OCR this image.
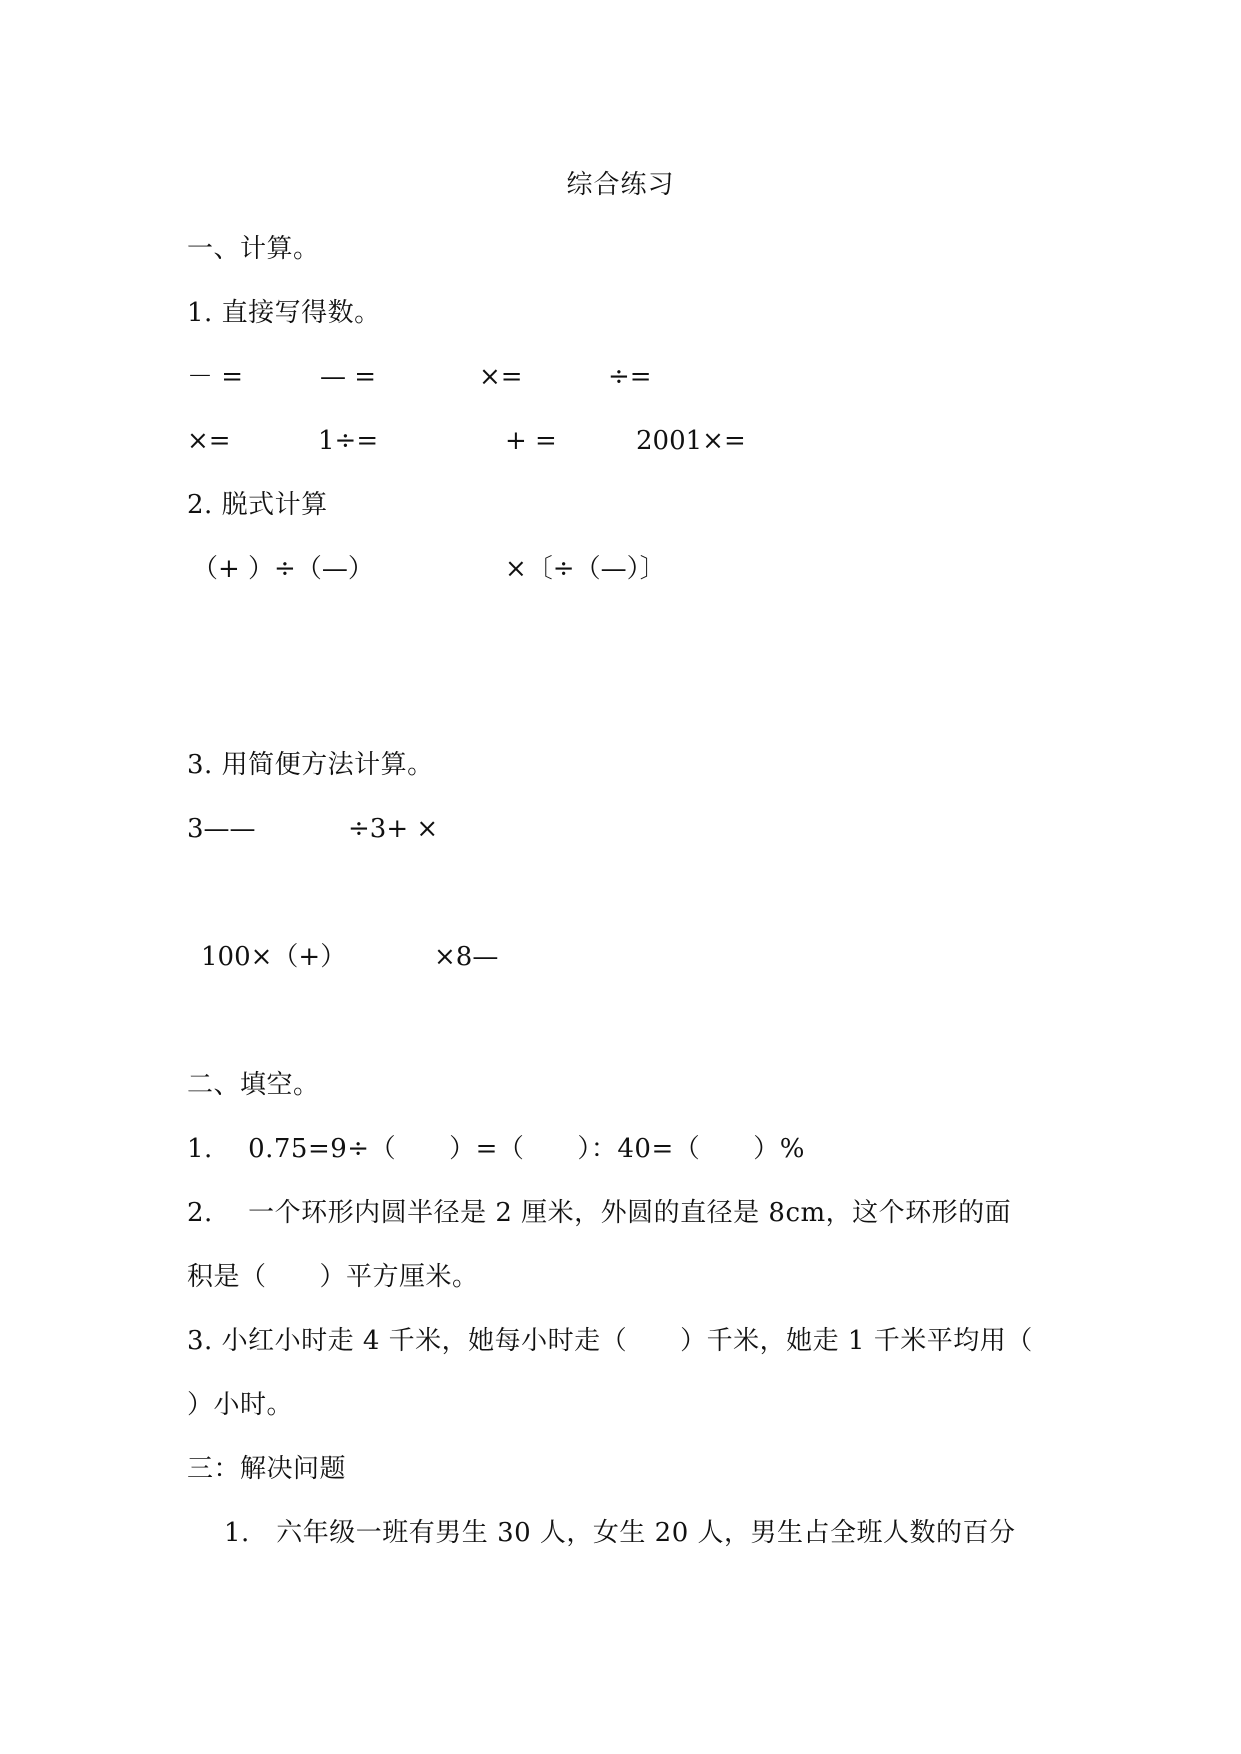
综合练习
一、计算。
1. 直接写得数。
－ =	— =	×=	÷=
×=	1÷=	+ =	2001×=
2. 脱式计算
（+ ）÷（—）	×〔÷（—）〕
3. 用简便方法计算。
3——	÷3+ ×
100×（+）	×8—
二、填空。
1.　 0.75=9÷（　　）=（　　）：40=（　　）%
2.　 一个环形内圆半径是 2 厘米，外圆的直径是 8cm，这个环形的面
积是（　　）平方厘米。
3. 小红小时走 4 千米，她每小时走（　　）千米，她走 1 千米平均用（
）小时。
三：解决问题
1.　六年级一班有男生 30 人，女生 20 人，男生占全班人数的百分
